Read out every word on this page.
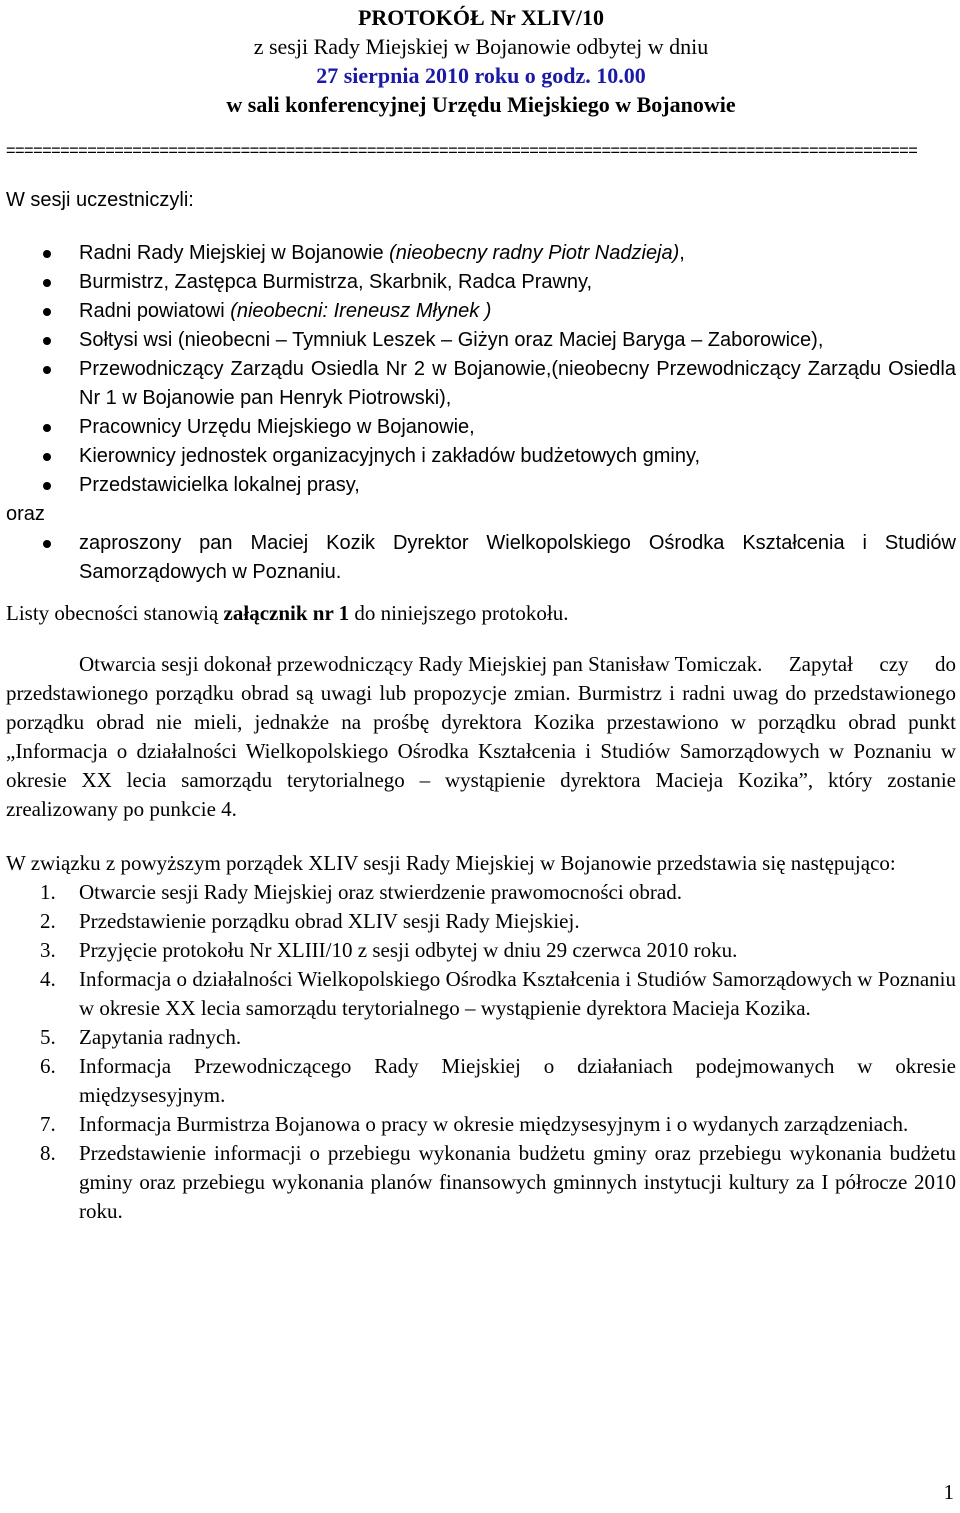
PROTOKÓŁ Nr XLIV/10
z sesji Rady Miejskiej w Bojanowie odbytej w dniu
27 sierpnia 2010 roku o godz. 10.00
w sali konferencyjnej Urzędu Miejskiego w Bojanowie
=====================================================================================================
W sesji uczestniczyli:
Radni Rady Miejskiej w Bojanowie (nieobecny radny Piotr Nadzieja),
Burmistrz, Zastępca Burmistrza, Skarbnik, Radca Prawny,
Radni powiatowi (nieobecni: Ireneusz Młynek )
Sołtysi wsi (nieobecni – Tymniuk Leszek – Giżyn oraz Maciej Baryga – Zaborowice),
Przewodniczący Zarządu Osiedla Nr 2 w Bojanowie,(nieobecny Przewodniczący Zarządu Osiedla Nr 1 w Bojanowie pan Henryk Piotrowski),
Pracownicy Urzędu Miejskiego w Bojanowie,
Kierownicy jednostek organizacyjnych i zakładów budżetowych gminy,
Przedstawicielka lokalnej prasy,

oraz

zaproszony pan Maciej Kozik Dyrektor Wielkopolskiego Ośrodka Kształcenia i Studiów Samorządowych w Poznaniu.

Listy obecności stanowią załącznik nr 1 do niniejszego protokołu.

Otwarcia sesji dokonał przewodniczący Rady Miejskiej pan Stanisław Tomiczak. Zapytał czy do przedstawionego porządku obrad są uwagi lub propozycje zmian. Burmistrz i radni uwag do przedstawionego porządku obrad nie mieli, jednakże na prośbę dyrektora Kozika przestawiono w porządku obrad punkt „Informacja o działalności Wielkopolskiego Ośrodka Kształcenia i Studiów Samorządowych w Poznaniu w okresie XX lecia samorządu terytorialnego – wystąpienie dyrektora Macieja Kozika”, który zostanie zrealizowany po punkcie 4.

W związku z powyższym porządek XLIV sesji Rady Miejskiej w Bojanowie przedstawia się następująco:

1. Otwarcie sesji Rady Miejskiej oraz stwierdzenie prawomocności obrad.
2. Przedstawienie porządku obrad XLIV sesji Rady Miejskiej.
3. Przyjęcie protokołu Nr XLIII/10 z sesji odbytej w dniu 29 czerwca 2010 roku.
4. Informacja o działalności Wielkopolskiego Ośrodka Kształcenia i Studiów Samorządowych w Poznaniu w okresie XX lecia samorządu terytorialnego – wystąpienie dyrektora Macieja Kozika.
5. Zapytania radnych.
6. Informacja Przewodniczącego Rady Miejskiej o działaniach podejmowanych w okresie międzysesyjnym.
7. Informacja Burmistrza Bojanowa o pracy w okresie międzysesyjnym i o wydanych zarządzeniach.
8. Przedstawienie informacji o przebiegu wykonania budżetu gminy oraz przebiegu wykonania budżetu gminy oraz przebiegu wykonania planów finansowych gminnych instytucji kultury za I półrocze 2010 roku.
1
